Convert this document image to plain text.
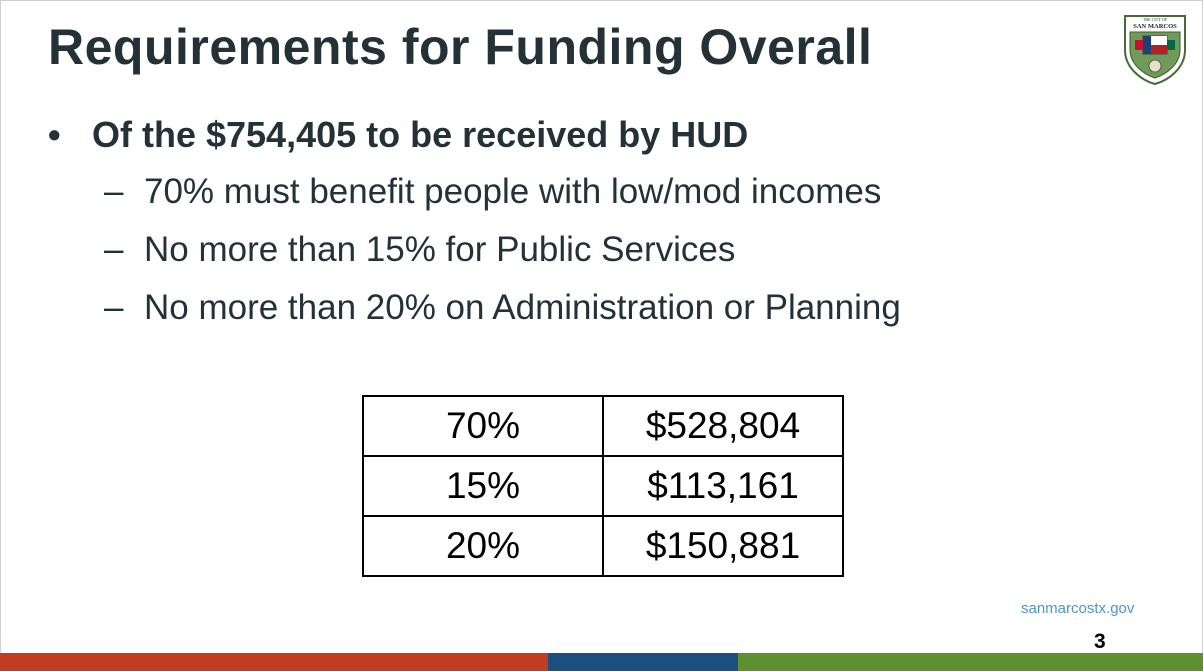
Requirements for Funding Overall	THE CITY OF
SAN MARCOS
• Of the $754,405 to be received by HUD
– 70% must benefit people with low/mod incomes
– No more than 15% for Public Services
– No more than 20% on Administration or Planning
70%	$528,804
15%	$113,161
20%	$150,881
sanmarcostx.gov
3
